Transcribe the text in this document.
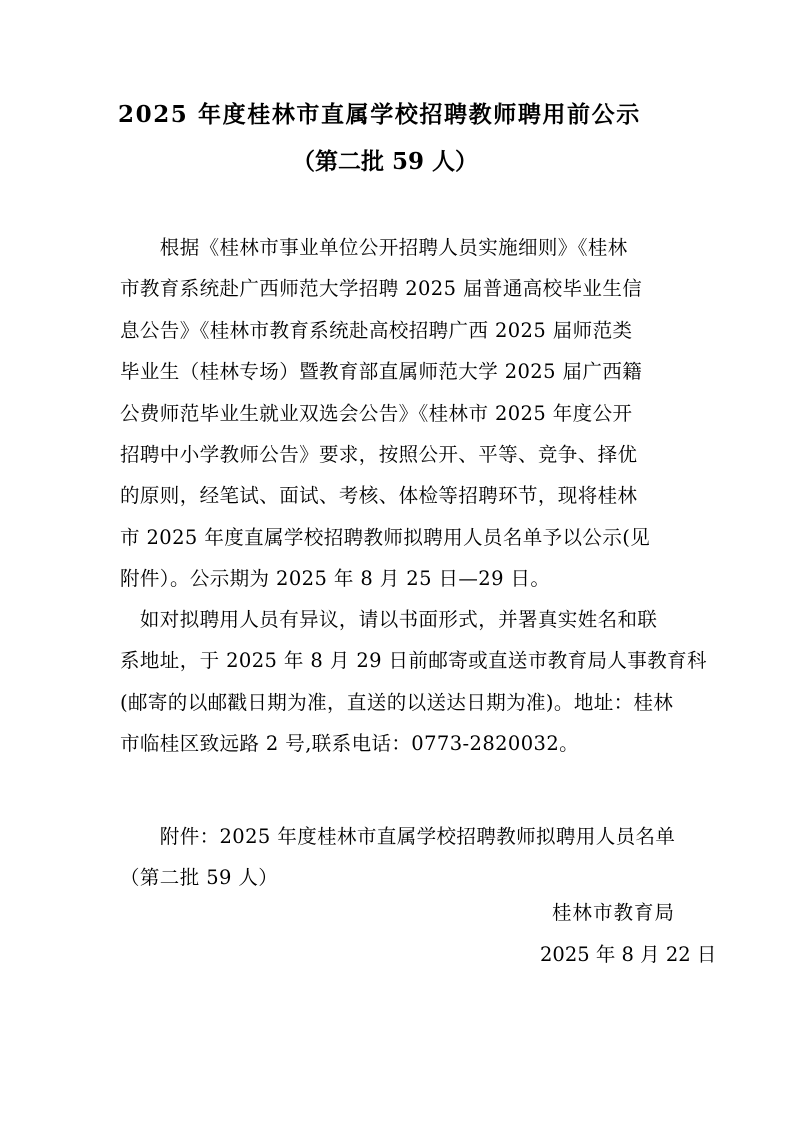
2025 年度桂林市直属学校招聘教师聘用前公示
（第二批 59 人）
　　根据《桂林市事业单位公开招聘人员实施细则》《桂林
市教育系统赴广西师范大学招聘 2025 届普通高校毕业生信
息公告》《桂林市教育系统赴高校招聘广西 2025 届师范类
毕业生（桂林专场）暨教育部直属师范大学 2025 届广西籍
公费师范毕业生就业双选会公告》《桂林市 2025 年度公开
招聘中小学教师公告》要求，按照公开、平等、竞争、择优
的原则，经笔试、面试、考核、体检等招聘环节，现将桂林
市 2025 年度直属学校招聘教师拟聘用人员名单予以公示(见
附件）。公示期为 2025 年 8 月 25 日—29 日。
　如对拟聘用人员有异议，请以书面形式，并署真实姓名和联
系地址，于 2025 年 8 月 29 日前邮寄或直送市教育局人事教育科
(邮寄的以邮戳日期为准，直送的以送达日期为准)。地址：桂林
市临桂区致远路 2 号,联系电话：0773-2820032。
　　附件：2025 年度桂林市直属学校招聘教师拟聘用人员名单
（第二批 59 人）
桂林市教育局
2025 年 8 月 22 日
